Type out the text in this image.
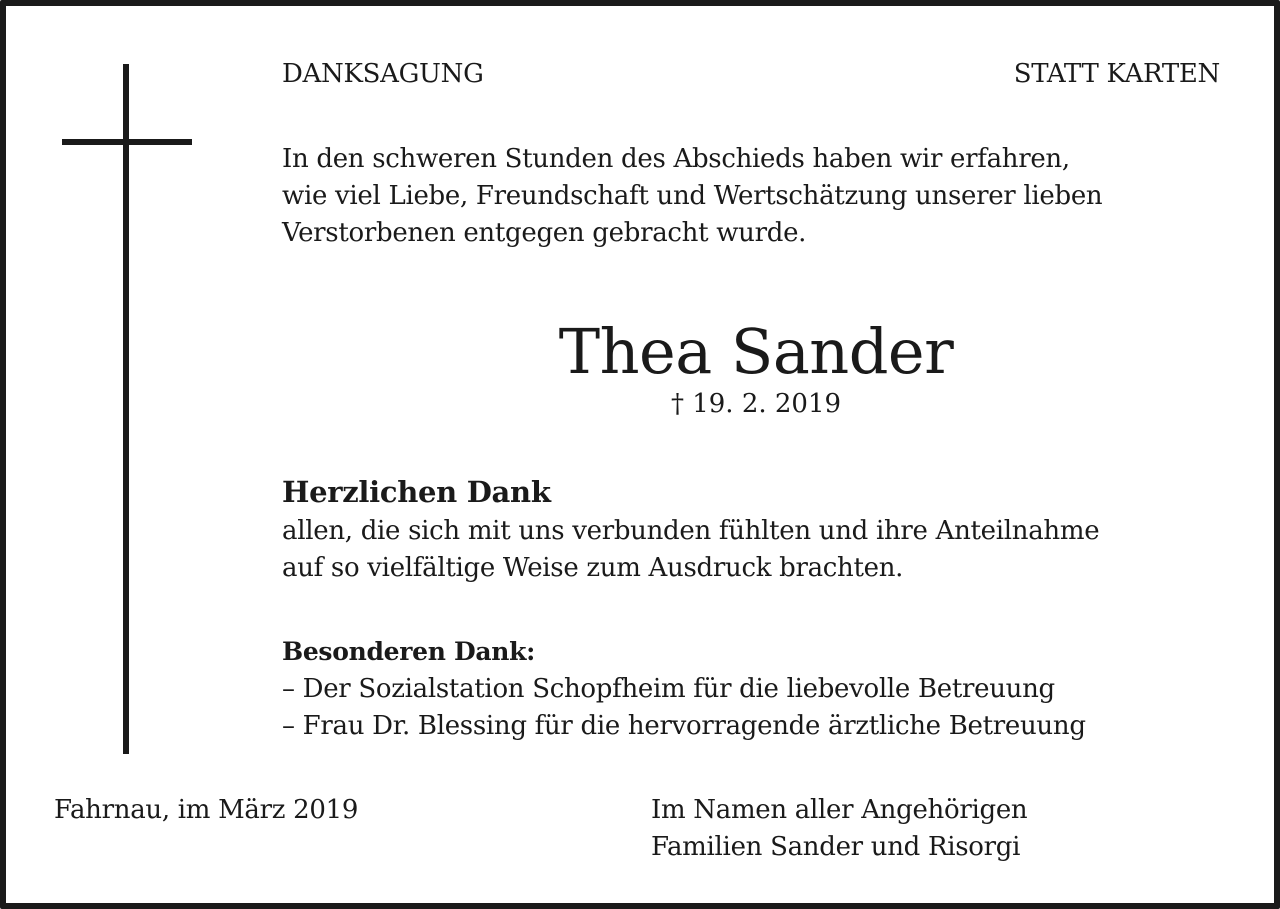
DANKSAGUNG	STATT KARTEN
In den schweren Stunden des Abschieds haben wir erfahren,
wie viel Liebe, Freundschaft und Wertschätzung unserer lieben
Verstorbenen entgegen gebracht wurde.
Thea Sander
† 19. 2. 2019
Herzlichen Dank
allen, die sich mit uns verbunden fühlten und ihre Anteilnahme
auf so vielfältige Weise zum Ausdruck brachten.
Besonderen Dank:
– Der Sozialstation Schopfheim für die liebevolle Betreuung
– Frau Dr. Blessing für die hervorragende ärztliche Betreuung
Fahrnau, im März 2019	Im Namen aller Angehörigen
Familien Sander und Risorgi
